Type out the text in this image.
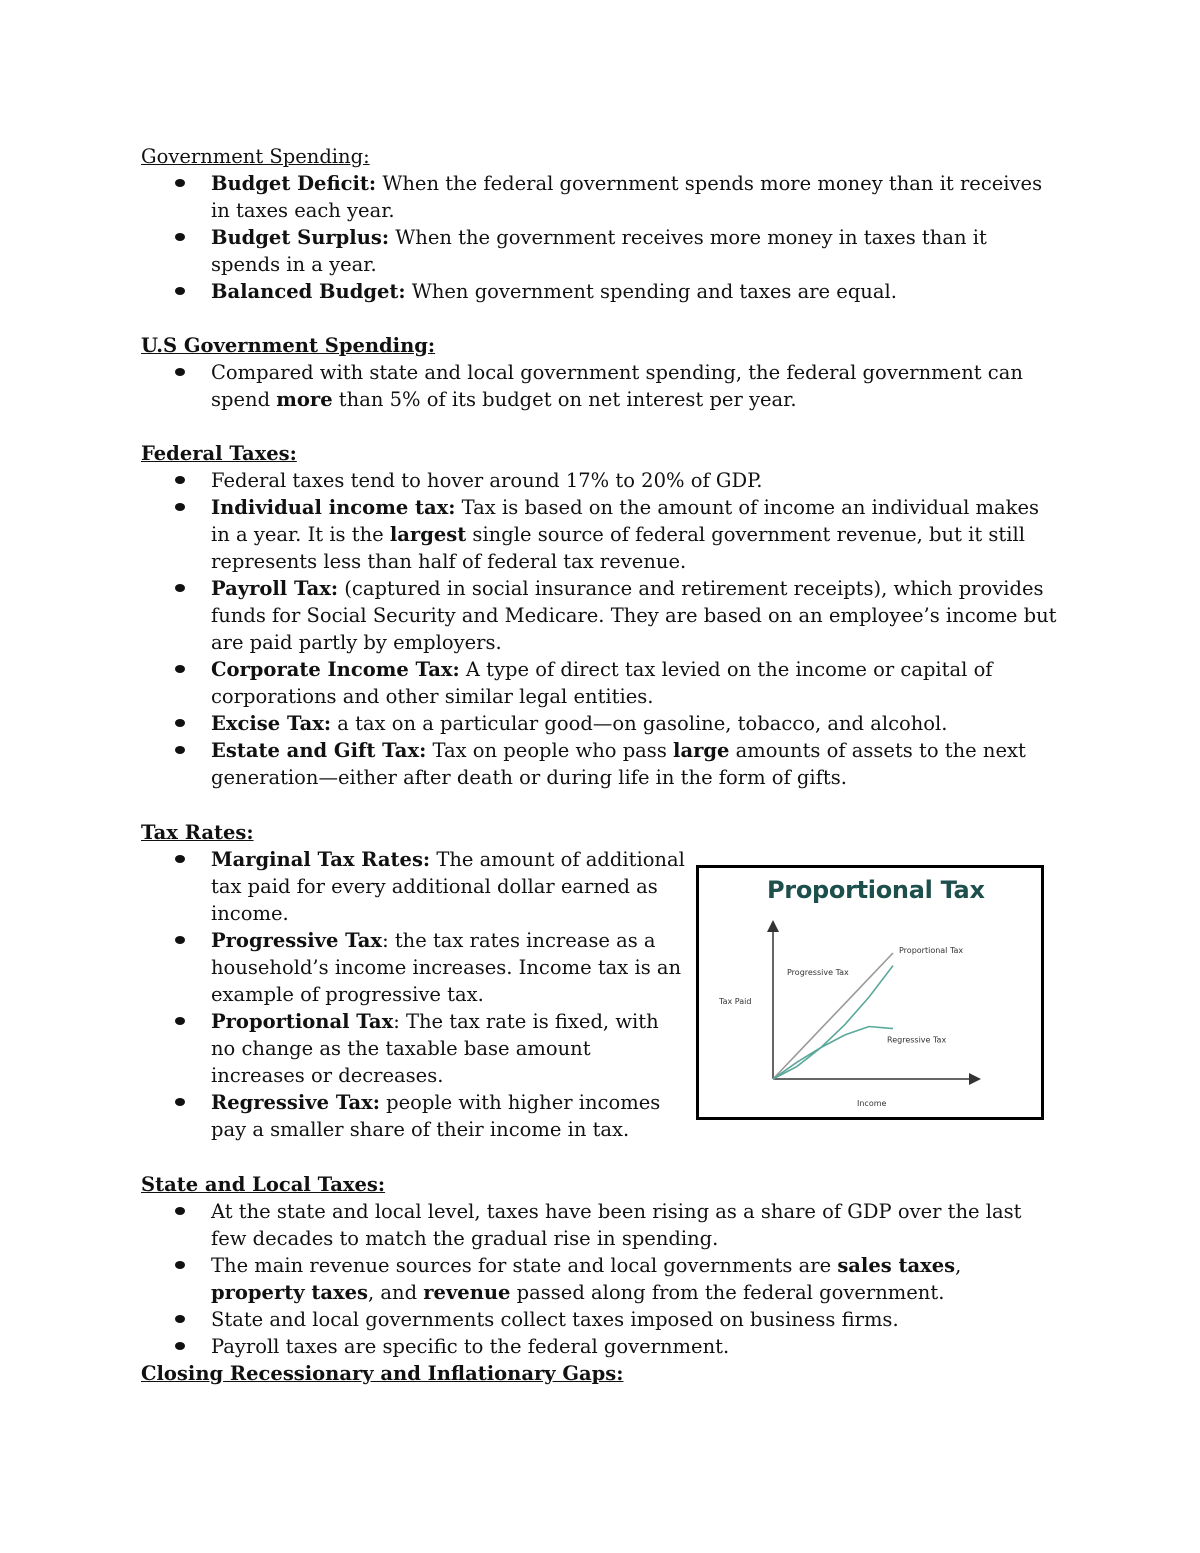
Government Spending:
Budget Deficit: When the federal government spends more money than it receives in taxes each year.
Budget Surplus: When the government receives more money in taxes than it spends in a year.
Balanced Budget: When government spending and taxes are equal.
U.S Government Spending:
Compared with state and local government spending, the federal government can spend more than 5% of its budget on net interest per year.
Federal Taxes:
Federal taxes tend to hover around 17% to 20% of GDP.
Individual income tax: Tax is based on the amount of income an individual makes in a year. It is the largest single source of federal government revenue, but it still represents less than half of federal tax revenue.
Payroll Tax: (captured in social insurance and retirement receipts), which provides funds for Social Security and Medicare. They are based on an employee’s income but are paid partly by employers.
Corporate Income Tax: A type of direct tax levied on the income or capital of corporations and other similar legal entities.
Excise Tax: a tax on a particular good—on gasoline, tobacco, and alcohol.
Estate and Gift Tax: Tax on people who pass large amounts of assets to the next generation—either after death or during life in the form of gifts.
Tax Rates:
Marginal Tax Rates: The amount of additional tax paid for every additional dollar earned as income.
Progressive Tax: the tax rates increase as a household’s income increases. Income tax is an example of progressive tax.
Proportional Tax: The tax rate is fixed, with no change as the taxable base amount increases or decreases.
Regressive Tax: people with higher incomes pay a smaller share of their income in tax.
Proportional Tax
Tax Paid
Income
Progressive Tax
Proportional Tax
Regressive Tax
State and Local Taxes:
At the state and local level, taxes have been rising as a share of GDP over the last few decades to match the gradual rise in spending.
The main revenue sources for state and local governments are sales taxes, property taxes, and revenue passed along from the federal government.
State and local governments collect taxes imposed on business firms.
Payroll taxes are specific to the federal government.
Closing Recessionary and Inflationary Gaps:
